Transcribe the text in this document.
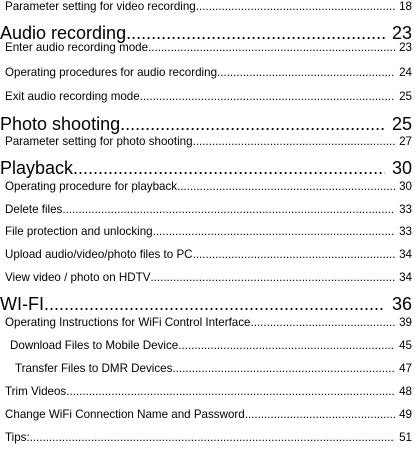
Parameter setting for video recording .....	18
Audio recording .....	23
Enter audio recording mode .....	23
Operating procedures for audio recording .....	24
Exit audio recording mode .....	25
Photo shooting .....	25
Parameter setting for photo shooting .....	27
Playback .....	30
Operating procedure for playback .....	30
Delete files .....	33
File protection and unlocking .....	33
Upload audio/video/photo files to PC .....	34
View video / photo on HDTV .....	34
WI-FI .....	36
Operating Instructions for WiFi Control Interface .....	39
Download Files to Mobile Device .....	45
Transfer Files to DMR Devices .....	47
Trim Videos .....	48
Change WiFi Connection Name and Password .....	49
Tips: .....	51
